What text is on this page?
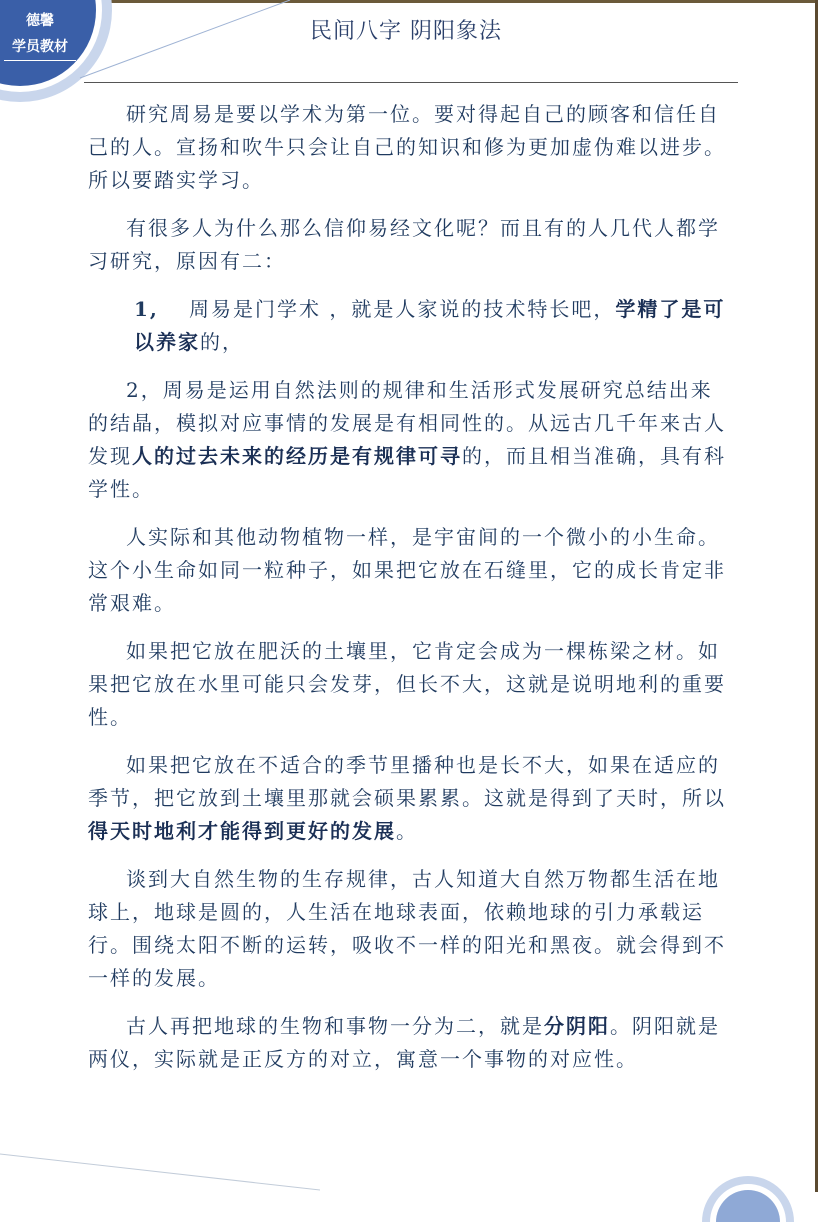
德馨
学员教材
民间八字 阴阳象法

研究周易是要以学术为第一位。要对得起自己的顾客和信任自己的人。宣扬和吹牛只会让自己的知识和修为更加虚伪难以进步。所以要踏实学习。

有很多人为什么那么信仰易经文化呢？而且有的人几代人都学习研究，原因有二：

1, 周易是门学术 ，就是人家说的技术特长吧，学精了是可以养家的，

2，周易是运用自然法则的规律和生活形式发展研究总结出来的结晶，模拟对应事情的发展是有相同性的。从远古几千年来古人发现人的过去未来的经历是有规律可寻的，而且相当准确，具有科学性。

人实际和其他动物植物一样，是宇宙间的一个微小的小生命。这个小生命如同一粒种子，如果把它放在石缝里，它的成长肯定非常艰难。

如果把它放在肥沃的土壤里，它肯定会成为一棵栋梁之材。如果把它放在水里可能只会发芽，但长不大，这就是说明地利的重要性。

如果把它放在不适合的季节里播种也是长不大，如果在适应的季节，把它放到土壤里那就会硕果累累。这就是得到了天时，所以得天时地利才能得到更好的发展。

谈到大自然生物的生存规律，古人知道大自然万物都生活在地球上，地球是圆的，人生活在地球表面，依赖地球的引力承载运行。围绕太阳不断的运转，吸收不一样的阳光和黑夜。就会得到不一样的发展。

古人再把地球的生物和事物一分为二，就是分阴阳。阴阳就是两仪，实际就是正反方的对立，寓意一个事物的对应性。
